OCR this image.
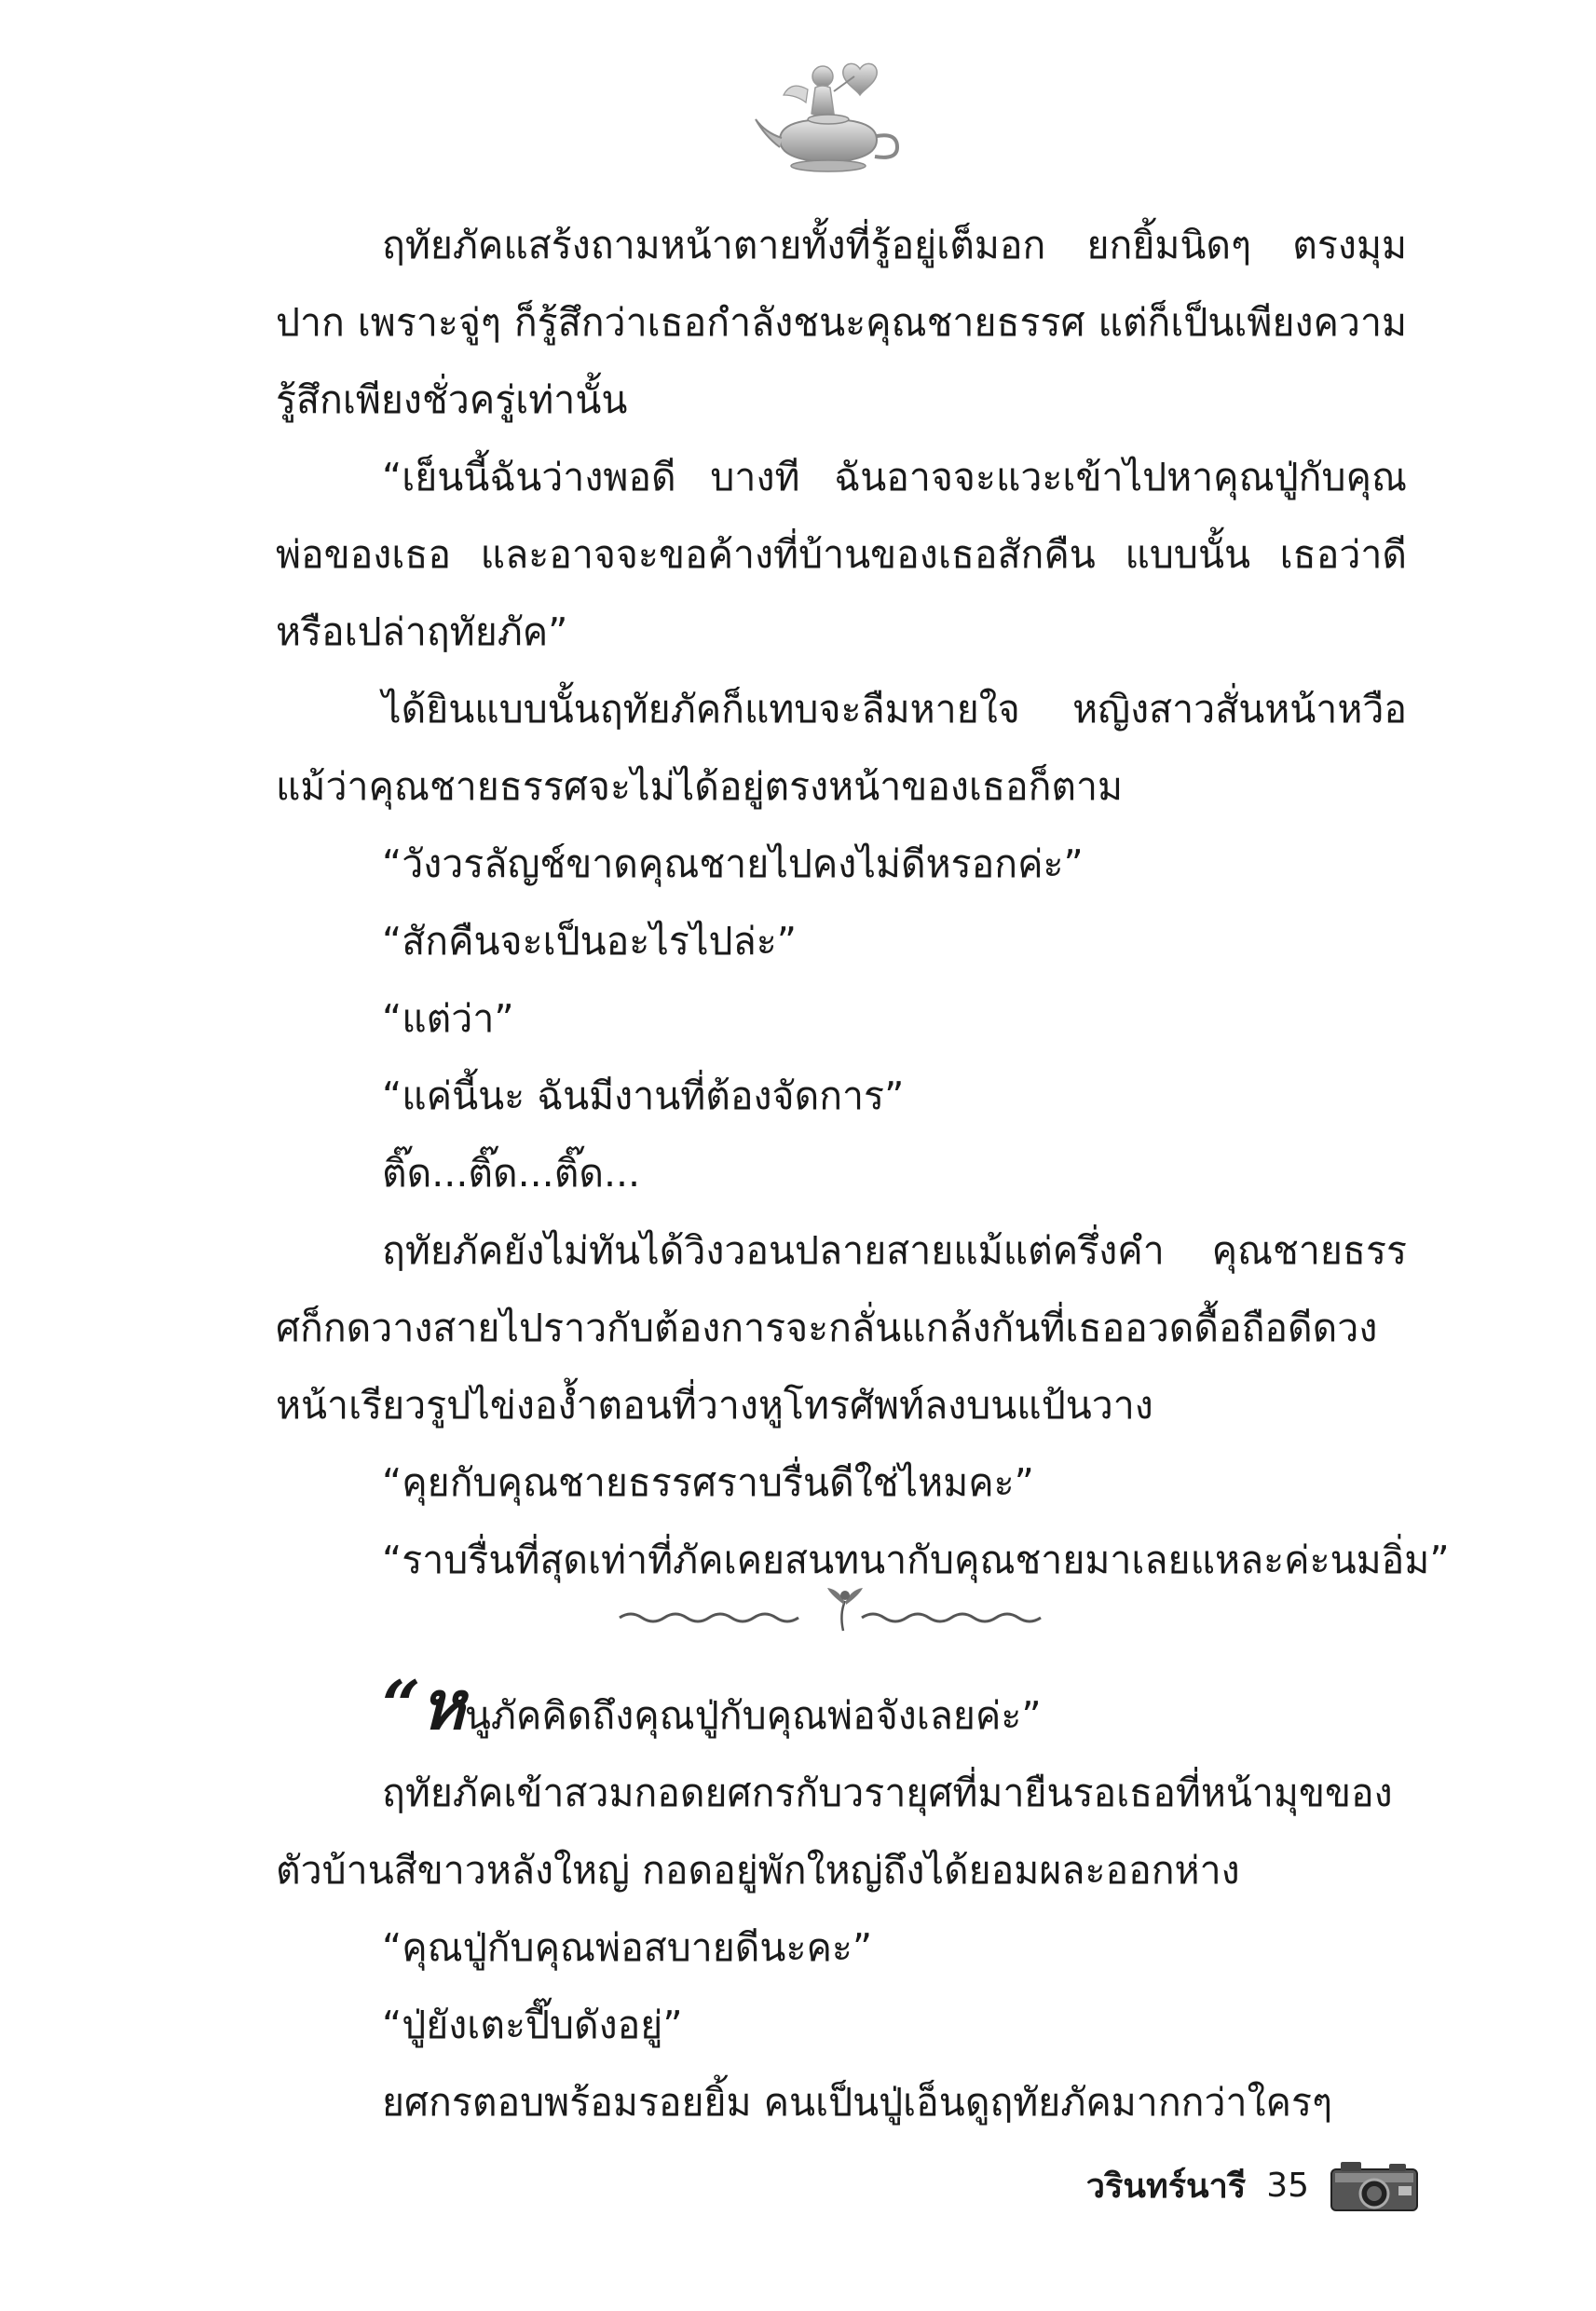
ฤทัยภัคแสร้งถามหน้าตายทั้งที่รู้อยู่เต็มอก ยกยิ้มนิดๆ ตรงมุมปาก เพราะจู่ๆ ก็รู้สึกว่าเธอกำลังชนะคุณชายธรรศ แต่ก็เป็นเพียงความรู้สึกเพียงชั่วครู่เท่านั้น

“เย็นนี้ฉันว่างพอดี บางที ฉันอาจจะแวะเข้าไปหาคุณปู่กับคุณพ่อของเธอ และอาจจะขอค้างที่บ้านของเธอสักคืน แบบนั้น เธอว่าดีหรือเปล่าฤทัยภัค”

ได้ยินแบบนั้นฤทัยภัคก็แทบจะลืมหายใจ หญิงสาวสั่นหน้าหวือแม้ว่าคุณชายธรรศจะไม่ได้อยู่ตรงหน้าของเธอก็ตาม

“วังวรลัญช์ขาดคุณชายไปคงไม่ดีหรอกค่ะ”

“สักคืนจะเป็นอะไรไปล่ะ”

“แต่ว่า”

“แค่นี้นะ ฉันมีงานที่ต้องจัดการ”

ติ๊ด...ติ๊ด...ติ๊ด...

ฤทัยภัคยังไม่ทันได้วิงวอนปลายสายแม้แต่ครึ่งคำ คุณชายธรรศก็กดวางสายไปราวกับต้องการจะกลั่นแกล้งกันที่เธออวดดื้อถือดีดวงหน้าเรียวรูปไข่งองํ้าตอนที่วางหูโทรศัพท์ลงบนแป้นวาง

“คุยกับคุณชายธรรศราบรื่นดีใช่ไหมคะ”

“ราบรื่นที่สุดเท่าที่ภัคเคยสนทนากับคุณชายมาเลยแหละค่ะนมอิ่ม”

“หนูภัคคิดถึงคุณปู่กับคุณพ่อจังเลยค่ะ”

ฤทัยภัคเข้าสวมกอดยศกรกับวรายุศที่มายืนรอเธอที่หน้ามุขของตัวบ้านสีขาวหลังใหญ่ กอดอยู่พักใหญ่ถึงได้ยอมผละออกห่าง

“คุณปู่กับคุณพ่อสบายดีนะคะ”

“ปู่ยังเตะปี๊บดังอยู่”

ยศกรตอบพร้อมรอยยิ้ม คนเป็นปู่เอ็นดูฤทัยภัคมากกว่าใครๆ

วรินทร์นารี 35
